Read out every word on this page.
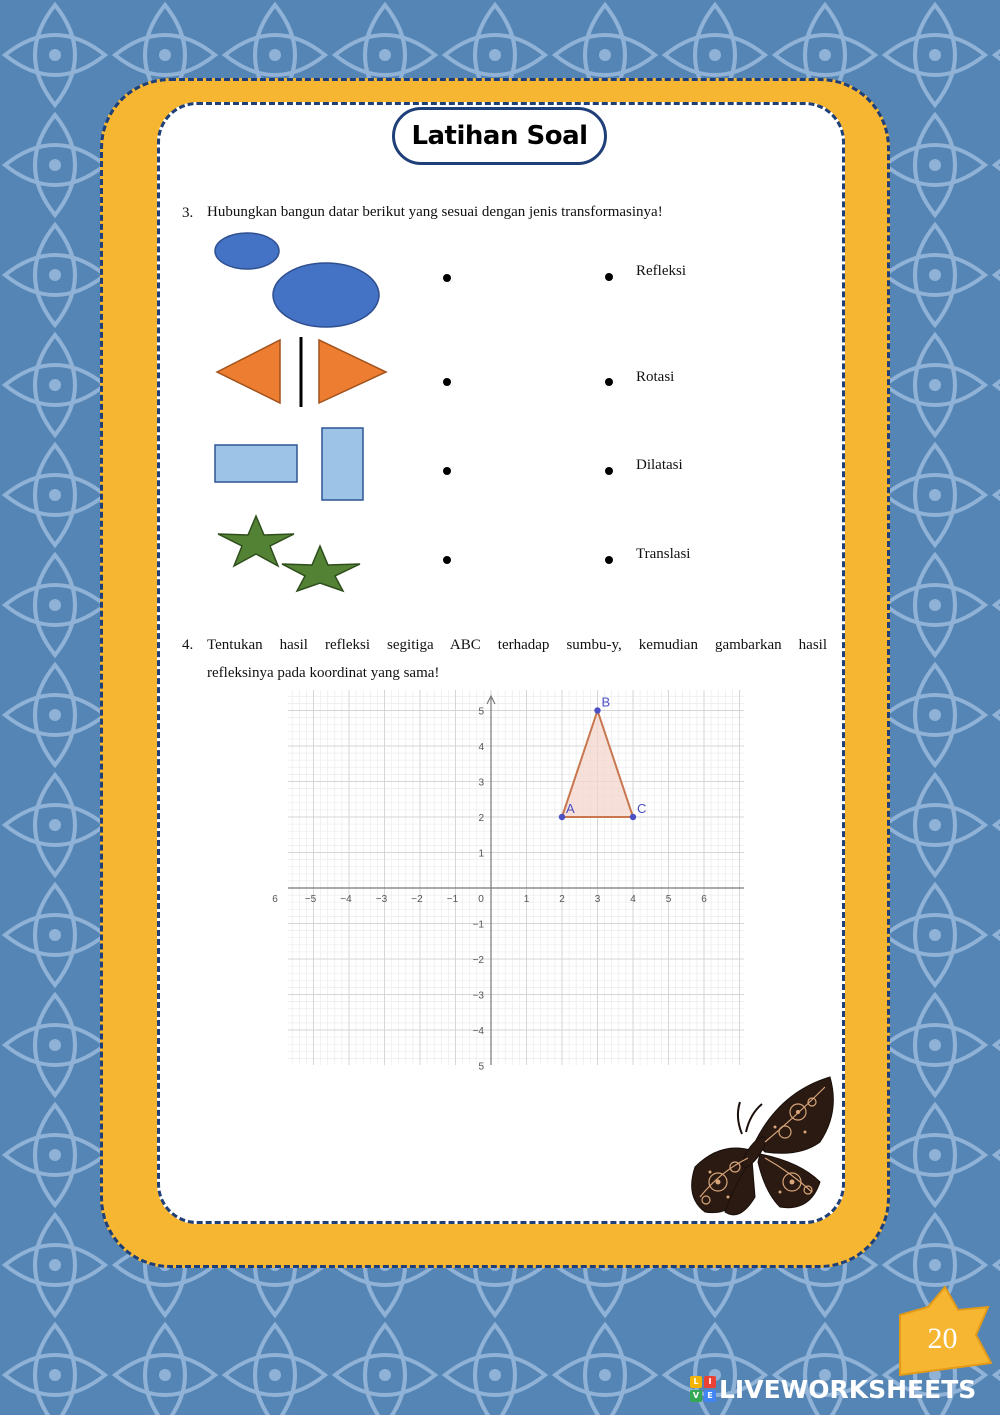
Latihan Soal
3. Hubungkan bangun datar berikut yang sesuai dengan jenis transformasinya!
Refleksi
Rotasi
Dilatasi
Translasi
4. Tentukan hasil refleksi segitiga ABC terhadap sumbu-y, kemudian gambarkan hasil
refleksinya pada koordinat yang sama!
6	−5 −4 −3 −2 −1 0	1	2	3	4	5	6
5
4
3
2
1
−1
−2
−3
−4
5
A
B
C
20
L	I
V	E LIVEWORKSHEETS
